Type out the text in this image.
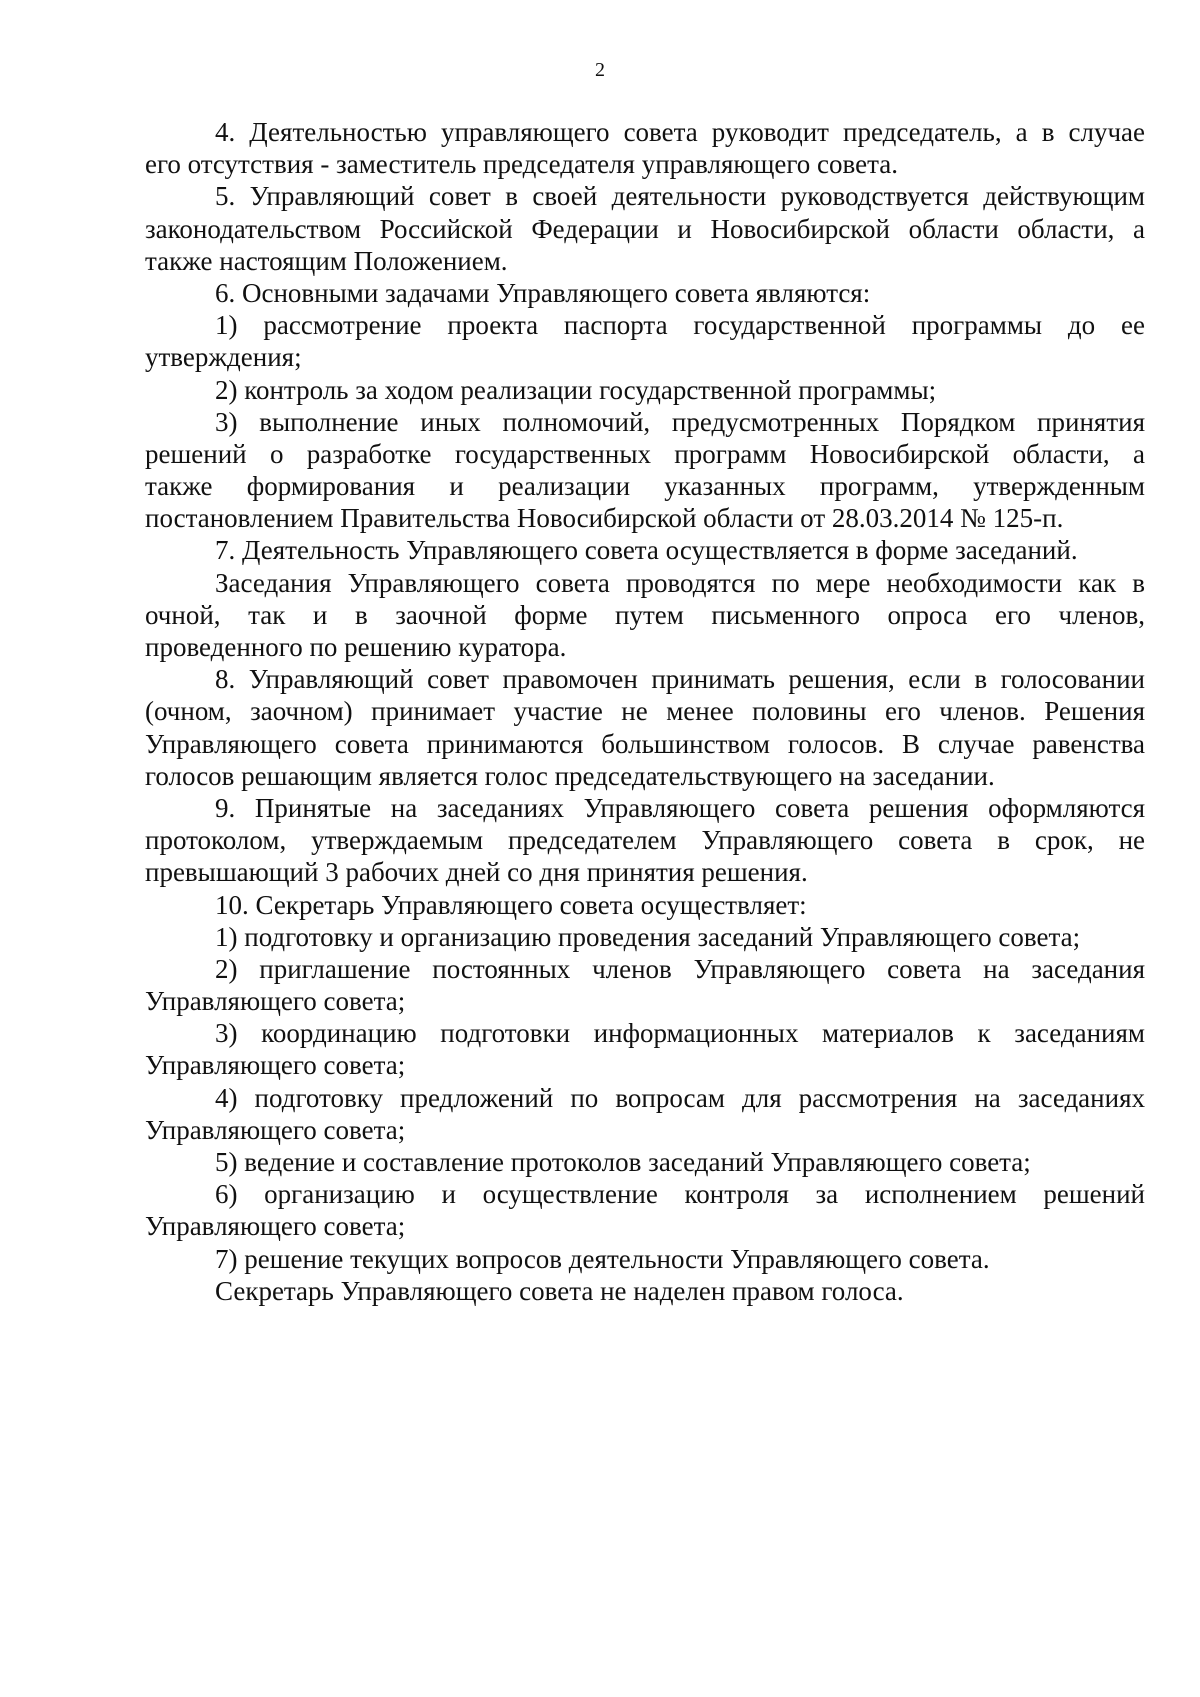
2
4. Деятельностью управляющего совета руководит председатель, а в случае
его отсутствия - заместитель председателя управляющего совета.
5. Управляющий совет в своей деятельности руководствуется действующим
законодательством Российской Федерации и Новосибирской области области, а
также настоящим Положением.
6. Основными задачами Управляющего совета являются:
1) рассмотрение проекта паспорта государственной программы до ее
утверждения;
2) контроль за ходом реализации государственной программы;
3) выполнение иных полномочий, предусмотренных Порядком принятия
решений о разработке государственных программ Новосибирской области, а
также формирования и реализации указанных программ, утвержденным
постановлением Правительства Новосибирской области от 28.03.2014 № 125-п.
7. Деятельность Управляющего совета осуществляется в форме заседаний.
Заседания Управляющего совета проводятся по мере необходимости как в
очной, так и в заочной форме путем письменного опроса его членов,
проведенного по решению куратора.
8. Управляющий совет правомочен принимать решения, если в голосовании
(очном, заочном) принимает участие не менее половины его членов. Решения
Управляющего совета принимаются большинством голосов. В случае равенства
голосов решающим является голос председательствующего на заседании.
9. Принятые на заседаниях Управляющего совета решения оформляются
протоколом, утверждаемым председателем Управляющего совета в срок, не
превышающий 3 рабочих дней со дня принятия решения.
10. Секретарь Управляющего совета осуществляет:
1) подготовку и организацию проведения заседаний Управляющего совета;
2) приглашение постоянных членов Управляющего совета на заседания
Управляющего совета;
3) координацию подготовки информационных материалов к заседаниям
Управляющего совета;
4) подготовку предложений по вопросам для рассмотрения на заседаниях
Управляющего совета;
5) ведение и составление протоколов заседаний Управляющего совета;
6) организацию и осуществление контроля за исполнением решений
Управляющего совета;
7) решение текущих вопросов деятельности Управляющего совета.
Секретарь Управляющего совета не наделен правом голоса.
